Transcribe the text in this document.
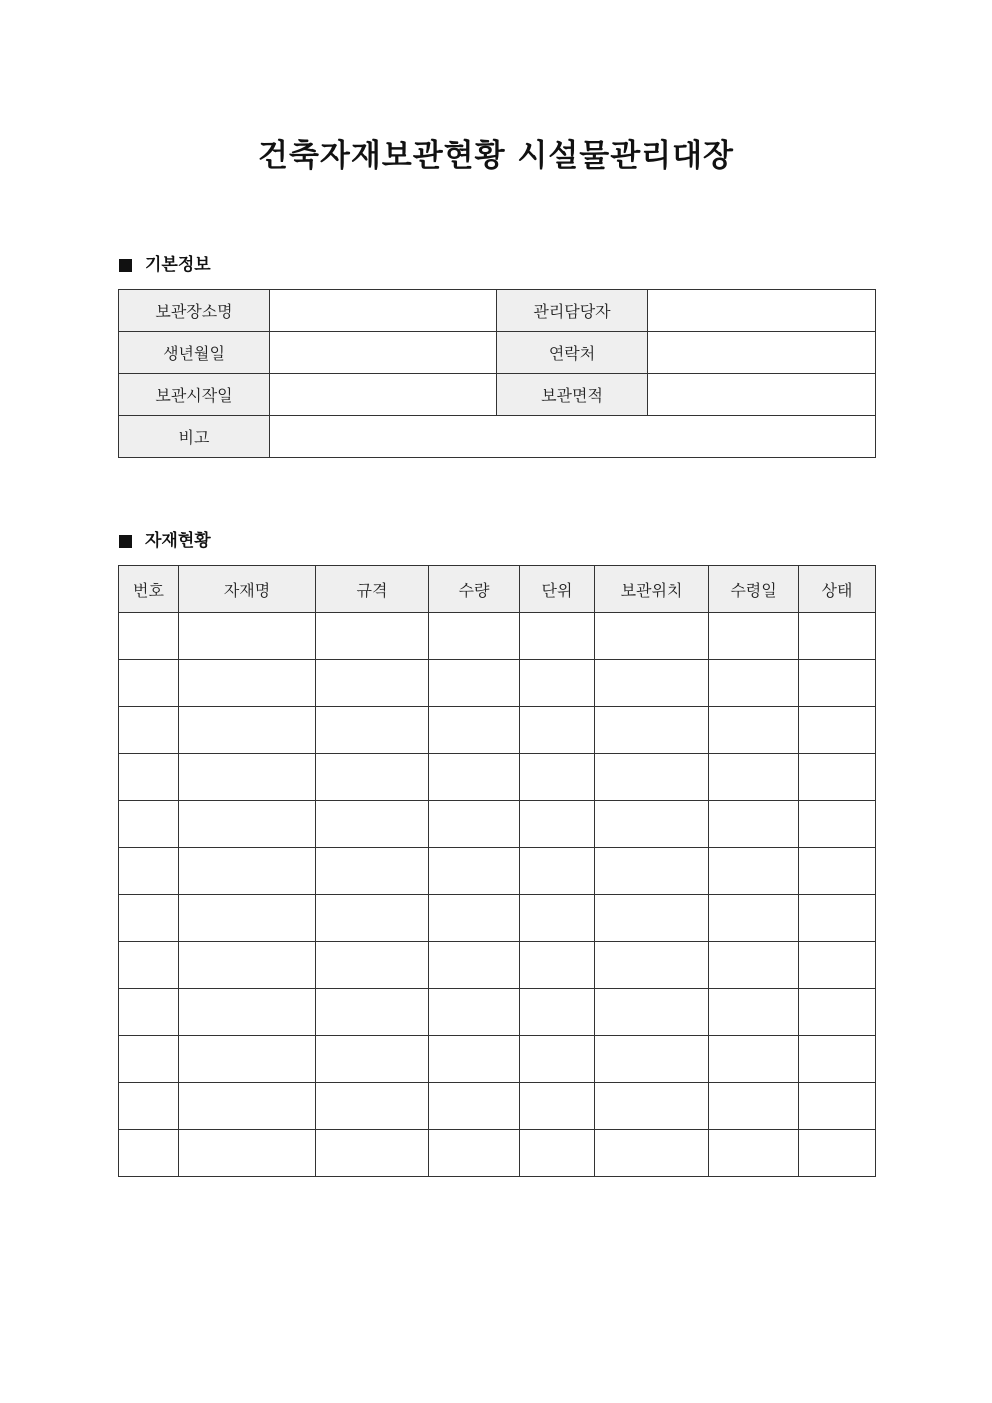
건축자재보관현황 시설물관리대장
기본정보
보관장소명		관리담당자	
생년월일		연락처	
보관시작일		보관면적	
비고			
자재현황
번호	자재명	규격	수량	단위	보관위치	수령일	상태
